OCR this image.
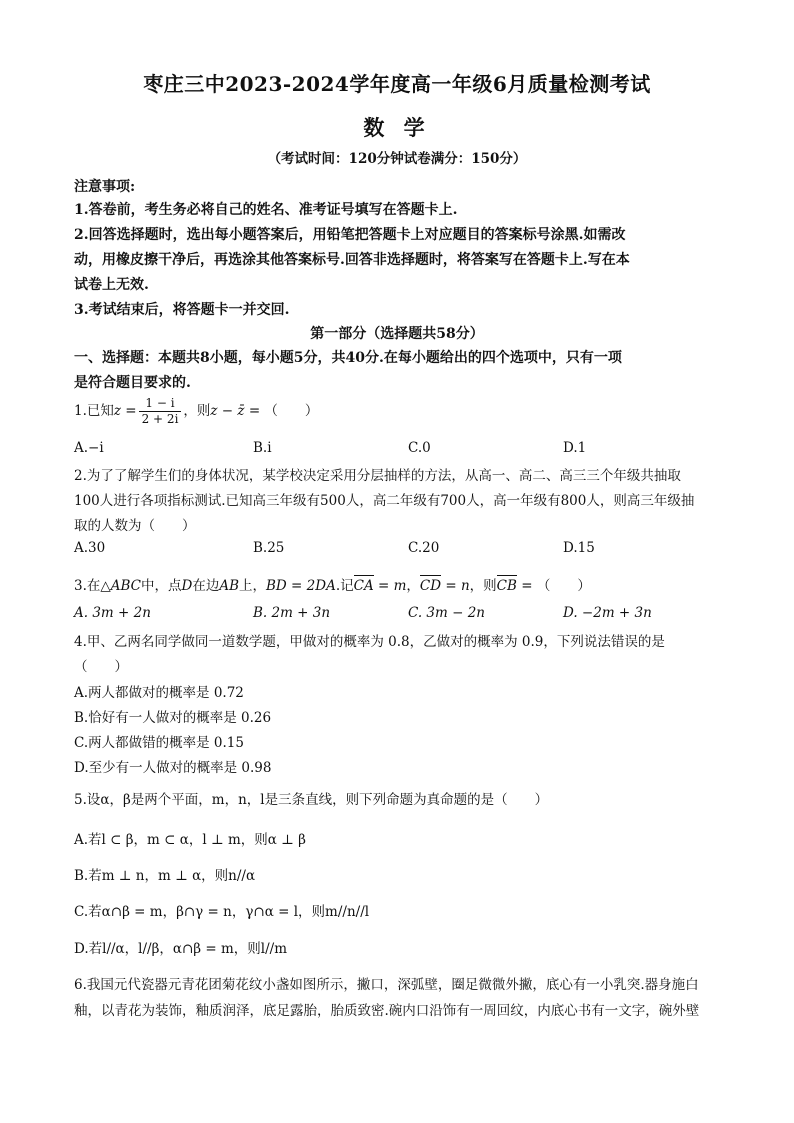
枣庄三中2023-2024学年度高一年级6月质量检测考试
数 学
（考试时间：120分钟试卷满分：150分）
注意事项:
1.答卷前，考生务必将自己的姓名、准考证号填写在答题卡上.
2.回答选择题时，选出每小题答案后，用铅笔把答题卡上对应题目的答案标号涂黑.如需改
动，用橡皮擦干净后，再选涂其他答案标号.回答非选择题时，将答案写在答题卡上.写在本
试卷上无效.
3.考试结束后，将答题卡一并交回.
第一部分（选择题共58分）
一、选择题：本题共8小题，每小题5分，共40分.在每小题给出的四个选项中，只有一项
是符合题目要求的.
1.已知$z = \frac{1 - i}{2 + 2i}$ ，则z − z̄ = （　　）
A.−i	B.i	C.0	D.1
2.为了了解学生们的身体状况，某学校决定采用分层抽样的方法，从高一、高二、高三三个年级共抽取
100人进行各项指标测试.已知高三年级有500人，高二年级有700人，高一年级有800人，则高三年级抽
取的人数为（　　）
A.30	B.25	C.20	D.15
3.在△ABC中，点D在边AB上，BD = 2DA.记CA = m，CD = n，则CB = （　　）
A. 3m + 2n	B. 2m + 3n	C. 3m − 2n	D. −2m + 3n
4.甲、乙两名同学做同一道数学题，甲做对的概率为 0.8，乙做对的概率为 0.9，下列说法错误的是
（　　）
A.两人都做对的概率是 0.72
B.恰好有一人做对的概率是 0.26
C.两人都做错的概率是 0.15
D.至少有一人做对的概率是 0.98
5.设α，β是两个平面，m，n，l是三条直线，则下列命题为真命题的是（　　）
A.若l ⊂ β，m ⊂ α，l ⊥ m，则α ⊥ β
B.若m ⊥ n，m ⊥ α，则n//α
C.若α∩β = m，β∩γ = n，γ∩α = l，则m//n//l
D.若l//α，l//β，α∩β = m，则l//m
6.我国元代瓷器元青花团菊花纹小盏如图所示，撇口，深弧壁，圈足微微外撇，底心有一小乳突.器身施白
釉，以青花为装饰，釉质润泽，底足露胎，胎质致密.碗内口沿饰有一周回纹，内底心书有一文字，碗外壁
